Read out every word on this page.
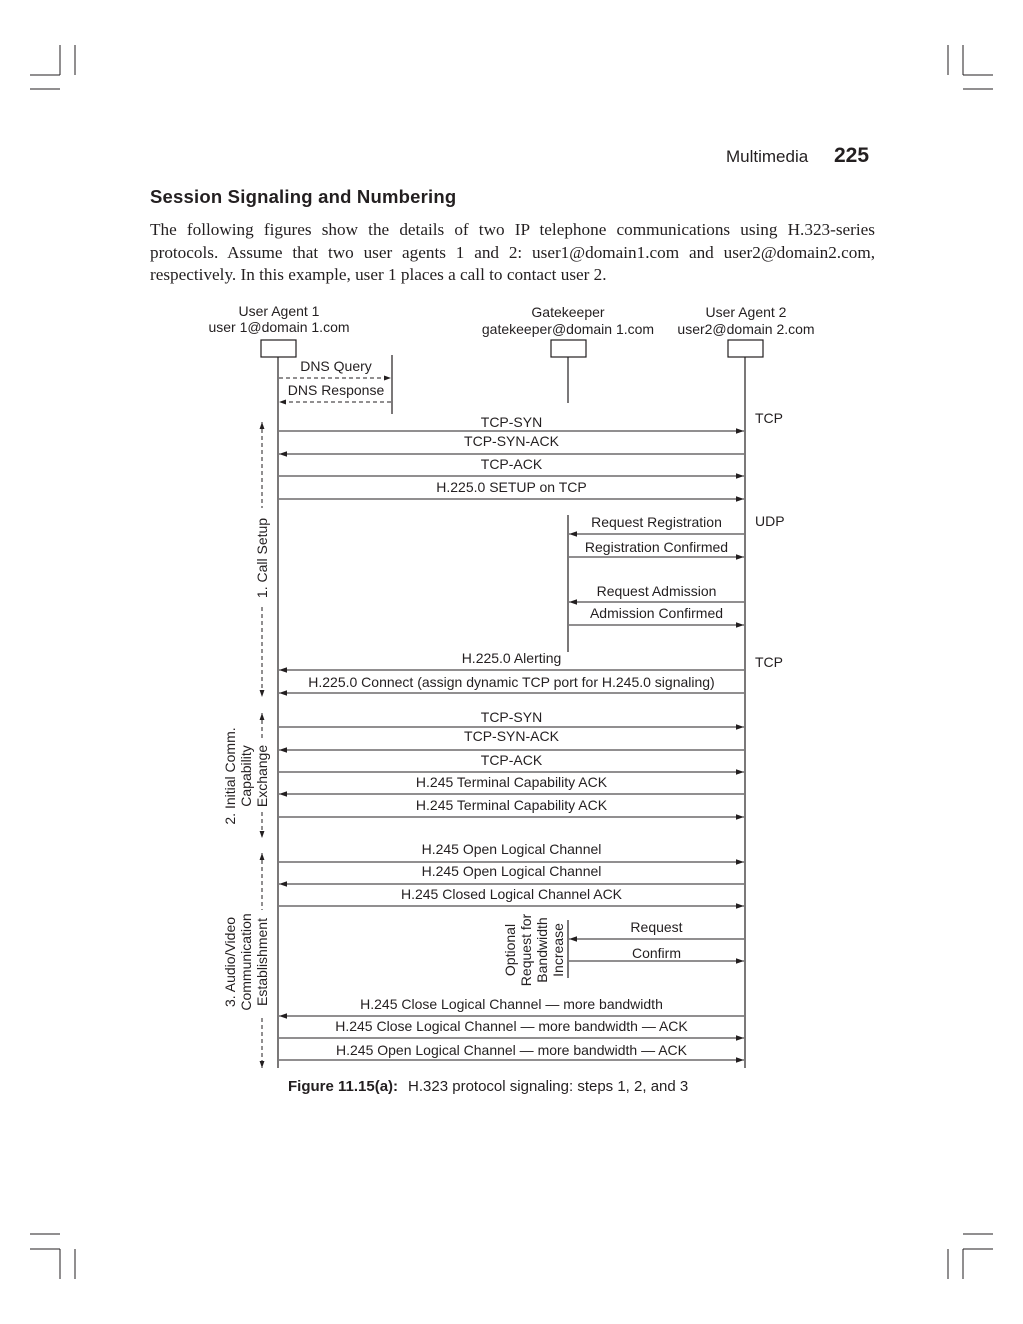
Multimedia 225
Session Signaling and Numbering
The following figures show the details of two IP telephone communications using H.323-series
protocols. Assume that two user agents 1 and 2: user1@domain1.com and user2@domain2.com,
respectively. In this example, user 1 places a call to contact user 2.
User Agent 1
user 1@domain 1.com
Gatekeeper
gatekeeper@domain 1.com
User Agent 2
user2@domain 2.com
DNS Query
DNS Response
TCP
UDP
TCP
TCP-SYN
TCP-SYN-ACK
TCP-ACK
H.225.0 SETUP on TCP
Request Registration
Registration Confirmed
Request Admission
Admission Confirmed
H.225.0 Alerting
H.225.0 Connect (assign dynamic TCP port for H.245.0 signaling)
TCP-SYN
TCP-SYN-ACK
TCP-ACK
H.245 Terminal Capability ACK
H.245 Terminal Capability ACK
H.245 Open Logical Channel
H.245 Open Logical Channel
H.245 Closed Logical Channel ACK
Request
Confirm
H.245 Close Logical Channel — more bandwidth
H.245 Close Logical Channel — more bandwidth — ACK
H.245 Open Logical Channel — more bandwidth — ACK
1. Call Setup
2. Initial Comm. Capability Exchange
3. Audio/Video Communication Establishment	Optional Request for Bandwidth Increase
Figure 11.15(a): H.323 protocol signaling: steps 1, 2, and 3
